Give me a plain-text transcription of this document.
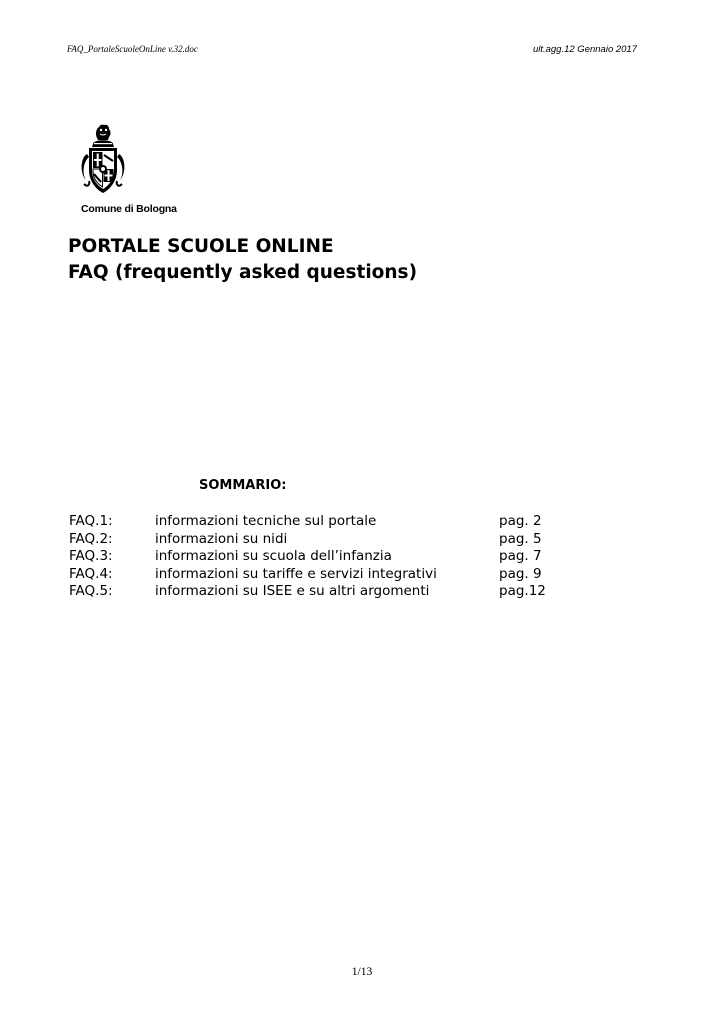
FAQ_PortaleScuoleOnLine v.32.doc	ult.agg.12 Gennaio 2017
Comune di Bologna
PORTALE SCUOLE ONLINE
FAQ (frequently asked questions)
SOMMARIO:
FAQ.1:	informazioni tecniche sul portale	pag. 2
FAQ.2:	informazioni su nidi	pag. 5
FAQ.3:	informazioni su scuola dell’infanzia	pag. 7
FAQ.4:	informazioni su tariffe e servizi integrativi	pag. 9
FAQ.5:	informazioni su ISEE e su altri argomenti	pag.12
1/13
